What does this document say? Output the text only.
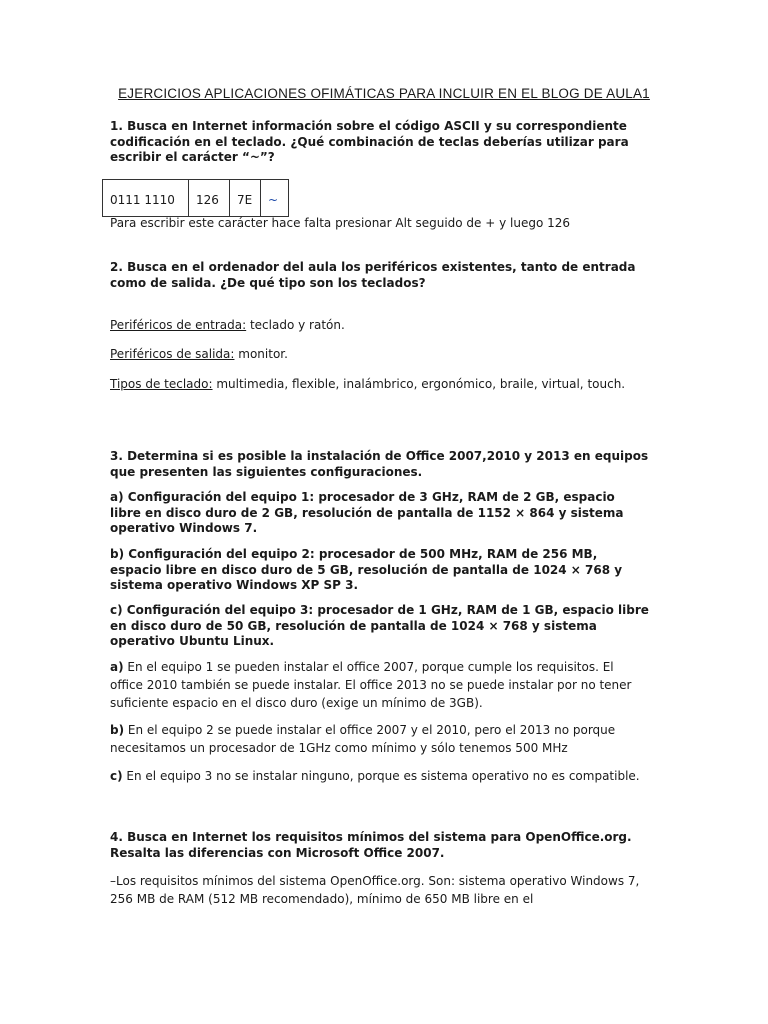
EJERCICIOS APLICACIONES OFIMÁTICAS PARA INCLUIR EN EL BLOG DE AULA1
1. Busca en Internet información sobre el código ASCII y su correspondiente codificación en el teclado. ¿Qué combinación de teclas deberías utilizar para escribir el carácter “~”?
0111 1110	126	7E	~
Para escribir este carácter hace falta presionar Alt seguido de + y luego 126
2. Busca en el ordenador del aula los periféricos existentes, tanto de entrada como de salida. ¿De qué tipo son los teclados?
Periféricos de entrada: teclado y ratón.
Periféricos de salida: monitor.
Tipos de teclado: multimedia, flexible, inalámbrico, ergonómico, braile, virtual, touch.
3. Determina si es posible la instalación de Office 2007,2010 y 2013 en equipos que presenten las siguientes configuraciones.
a) Configuración del equipo 1: procesador de 3 GHz, RAM de 2 GB, espacio libre en disco duro de 2 GB, resolución de pantalla de 1152 × 864 y sistema operativo Windows 7.
b) Configuración del equipo 2: procesador de 500 MHz, RAM de 256 MB, espacio libre en disco duro de 5 GB, resolución de pantalla de 1024 × 768 y sistema operativo Windows XP SP 3.
c) Configuración del equipo 3: procesador de 1 GHz, RAM de 1 GB, espacio libre en disco duro de 50 GB, resolución de pantalla de 1024 × 768 y sistema operativo Ubuntu Linux.
a) En el equipo 1 se pueden instalar el office 2007, porque cumple los requisitos. El office 2010 también se puede instalar. El office 2013 no se puede instalar por no tener suficiente espacio en el disco duro (exige un mínimo de 3GB).
b) En el equipo 2 se puede instalar el office 2007 y el 2010, pero el 2013 no porque necesitamos un procesador de 1GHz como mínimo y sólo tenemos 500 MHz
c) En el equipo 3 no se instalar ninguno, porque es sistema operativo no es compatible.
4. Busca en Internet los requisitos mínimos del sistema para OpenOffice.org. Resalta las diferencias con Microsoft Office 2007.
–Los requisitos mínimos del sistema OpenOffice.org. Son: sistema operativo Windows 7, 256 MB de RAM (512 MB recomendado), mínimo de 650 MB libre en el
